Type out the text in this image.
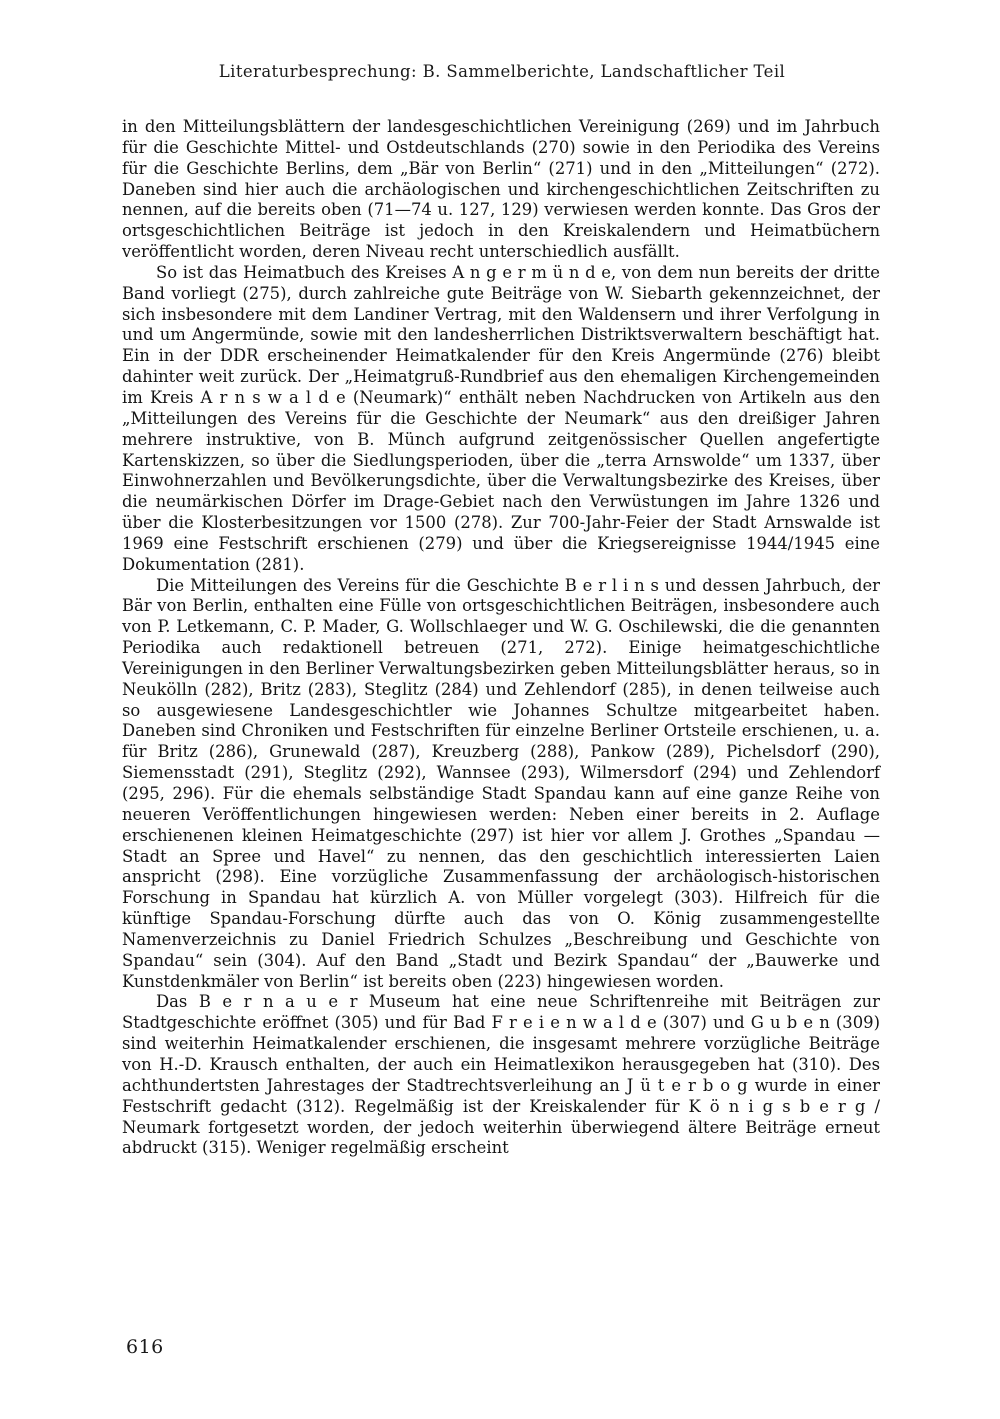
Literaturbesprechung: B. Sammelberichte, Landschaftlicher Teil

in den Mitteilungsblättern der landesgeschichtlichen Vereinigung (269) und im Jahrbuch für die Geschichte Mittel- und Ostdeutschlands (270) sowie in den Periodika des Vereins für die Geschichte Berlins, dem „Bär von Berlin“ (271) und in den „Mitteilungen“ (272). Daneben sind hier auch die archäologischen und kirchengeschichtlichen Zeitschriften zu nennen, auf die bereits oben (71—74 u. 127, 129) verwiesen werden konnte. Das Gros der ortsgeschichtlichen Beiträge ist jedoch in den Kreiskalendern und Heimatbüchern veröffentlicht worden, deren Niveau recht unterschiedlich ausfällt.

So ist das Heimatbuch des Kreises A n g e r m ü n d e, von dem nun bereits der dritte Band vorliegt (275), durch zahlreiche gute Beiträge von W. Siebarth gekennzeichnet, der sich insbesondere mit dem Landiner Vertrag, mit den Waldensern und ihrer Verfolgung in und um Angermünde, sowie mit den landesherrlichen Distriktsverwaltern beschäftigt hat. Ein in der DDR erscheinender Heimatkalender für den Kreis Angermünde (276) bleibt dahinter weit zurück. Der „Heimatgruß-Rundbrief aus den ehemaligen Kirchengemeinden im Kreis A r n s w a l d e (Neumark)“ enthält neben Nachdrucken von Artikeln aus den „Mitteilungen des Vereins für die Geschichte der Neumark“ aus den dreißiger Jahren mehrere instruktive, von B. Münch aufgrund zeitgenössischer Quellen angefertigte Kartenskizzen, so über die Siedlungsperioden, über die „terra Arnswolde“ um 1337, über Einwohnerzahlen und Bevölkerungsdichte, über die Verwaltungsbezirke des Kreises, über die neumärkischen Dörfer im Drage-Gebiet nach den Verwüstungen im Jahre 1326 und über die Klosterbesitzungen vor 1500 (278). Zur 700-Jahr-Feier der Stadt Arnswalde ist 1969 eine Festschrift erschienen (279) und über die Kriegsereignisse 1944/1945 eine Dokumentation (281).

Die Mitteilungen des Vereins für die Geschichte B e r l i n s und dessen Jahrbuch, der Bär von Berlin, enthalten eine Fülle von ortsgeschichtlichen Beiträgen, insbesondere auch von P. Letkemann, C. P. Mader, G. Wollschlaeger und W. G. Oschilewski, die die genannten Periodika auch redaktionell betreuen (271, 272). Einige heimatgeschichtliche Vereinigungen in den Berliner Verwaltungsbezirken geben Mitteilungsblätter heraus, so in Neukölln (282), Britz (283), Steglitz (284) und Zehlendorf (285), in denen teilweise auch so ausgewiesene Landesgeschichtler wie Johannes Schultze mitgearbeitet haben. Daneben sind Chroniken und Festschriften für einzelne Berliner Ortsteile erschienen, u. a. für Britz (286), Grunewald (287), Kreuzberg (288), Pankow (289), Pichelsdorf (290), Siemensstadt (291), Steglitz (292), Wannsee (293), Wilmersdorf (294) und Zehlendorf (295, 296). Für die ehemals selbständige Stadt Spandau kann auf eine ganze Reihe von neueren Veröffentlichungen hingewiesen werden: Neben einer bereits in 2. Auflage erschienenen kleinen Heimatgeschichte (297) ist hier vor allem J. Grothes „Spandau — Stadt an Spree und Havel“ zu nennen, das den geschichtlich interessierten Laien anspricht (298). Eine vorzügliche Zusammenfassung der archäologisch-historischen Forschung in Spandau hat kürzlich A. von Müller vorgelegt (303). Hilfreich für die künftige Spandau-Forschung dürfte auch das von O. König zusammengestellte Namenverzeichnis zu Daniel Friedrich Schulzes „Beschreibung und Geschichte von Spandau“ sein (304). Auf den Band „Stadt und Bezirk Spandau“ der „Bauwerke und Kunstdenkmäler von Berlin“ ist bereits oben (223) hingewiesen worden.

Das B e r n a u e r Museum hat eine neue Schriftenreihe mit Beiträgen zur Stadtgeschichte eröffnet (305) und für Bad F r e i e n w a l d e (307) und G u b e n (309) sind weiterhin Heimatkalender erschienen, die insgesamt mehrere vorzügliche Beiträge von H.-D. Krausch enthalten, der auch ein Heimatlexikon herausgegeben hat (310). Des achthundertsten Jahrestages der Stadtrechtsverleihung an J ü t e r b o g wurde in einer Festschrift gedacht (312). Regelmäßig ist der Kreiskalender für K ö n i g s b e r g / Neumark fortgesetzt worden, der jedoch weiterhin überwiegend ältere Beiträge erneut abdruckt (315). Weniger regelmäßig erscheint

616
